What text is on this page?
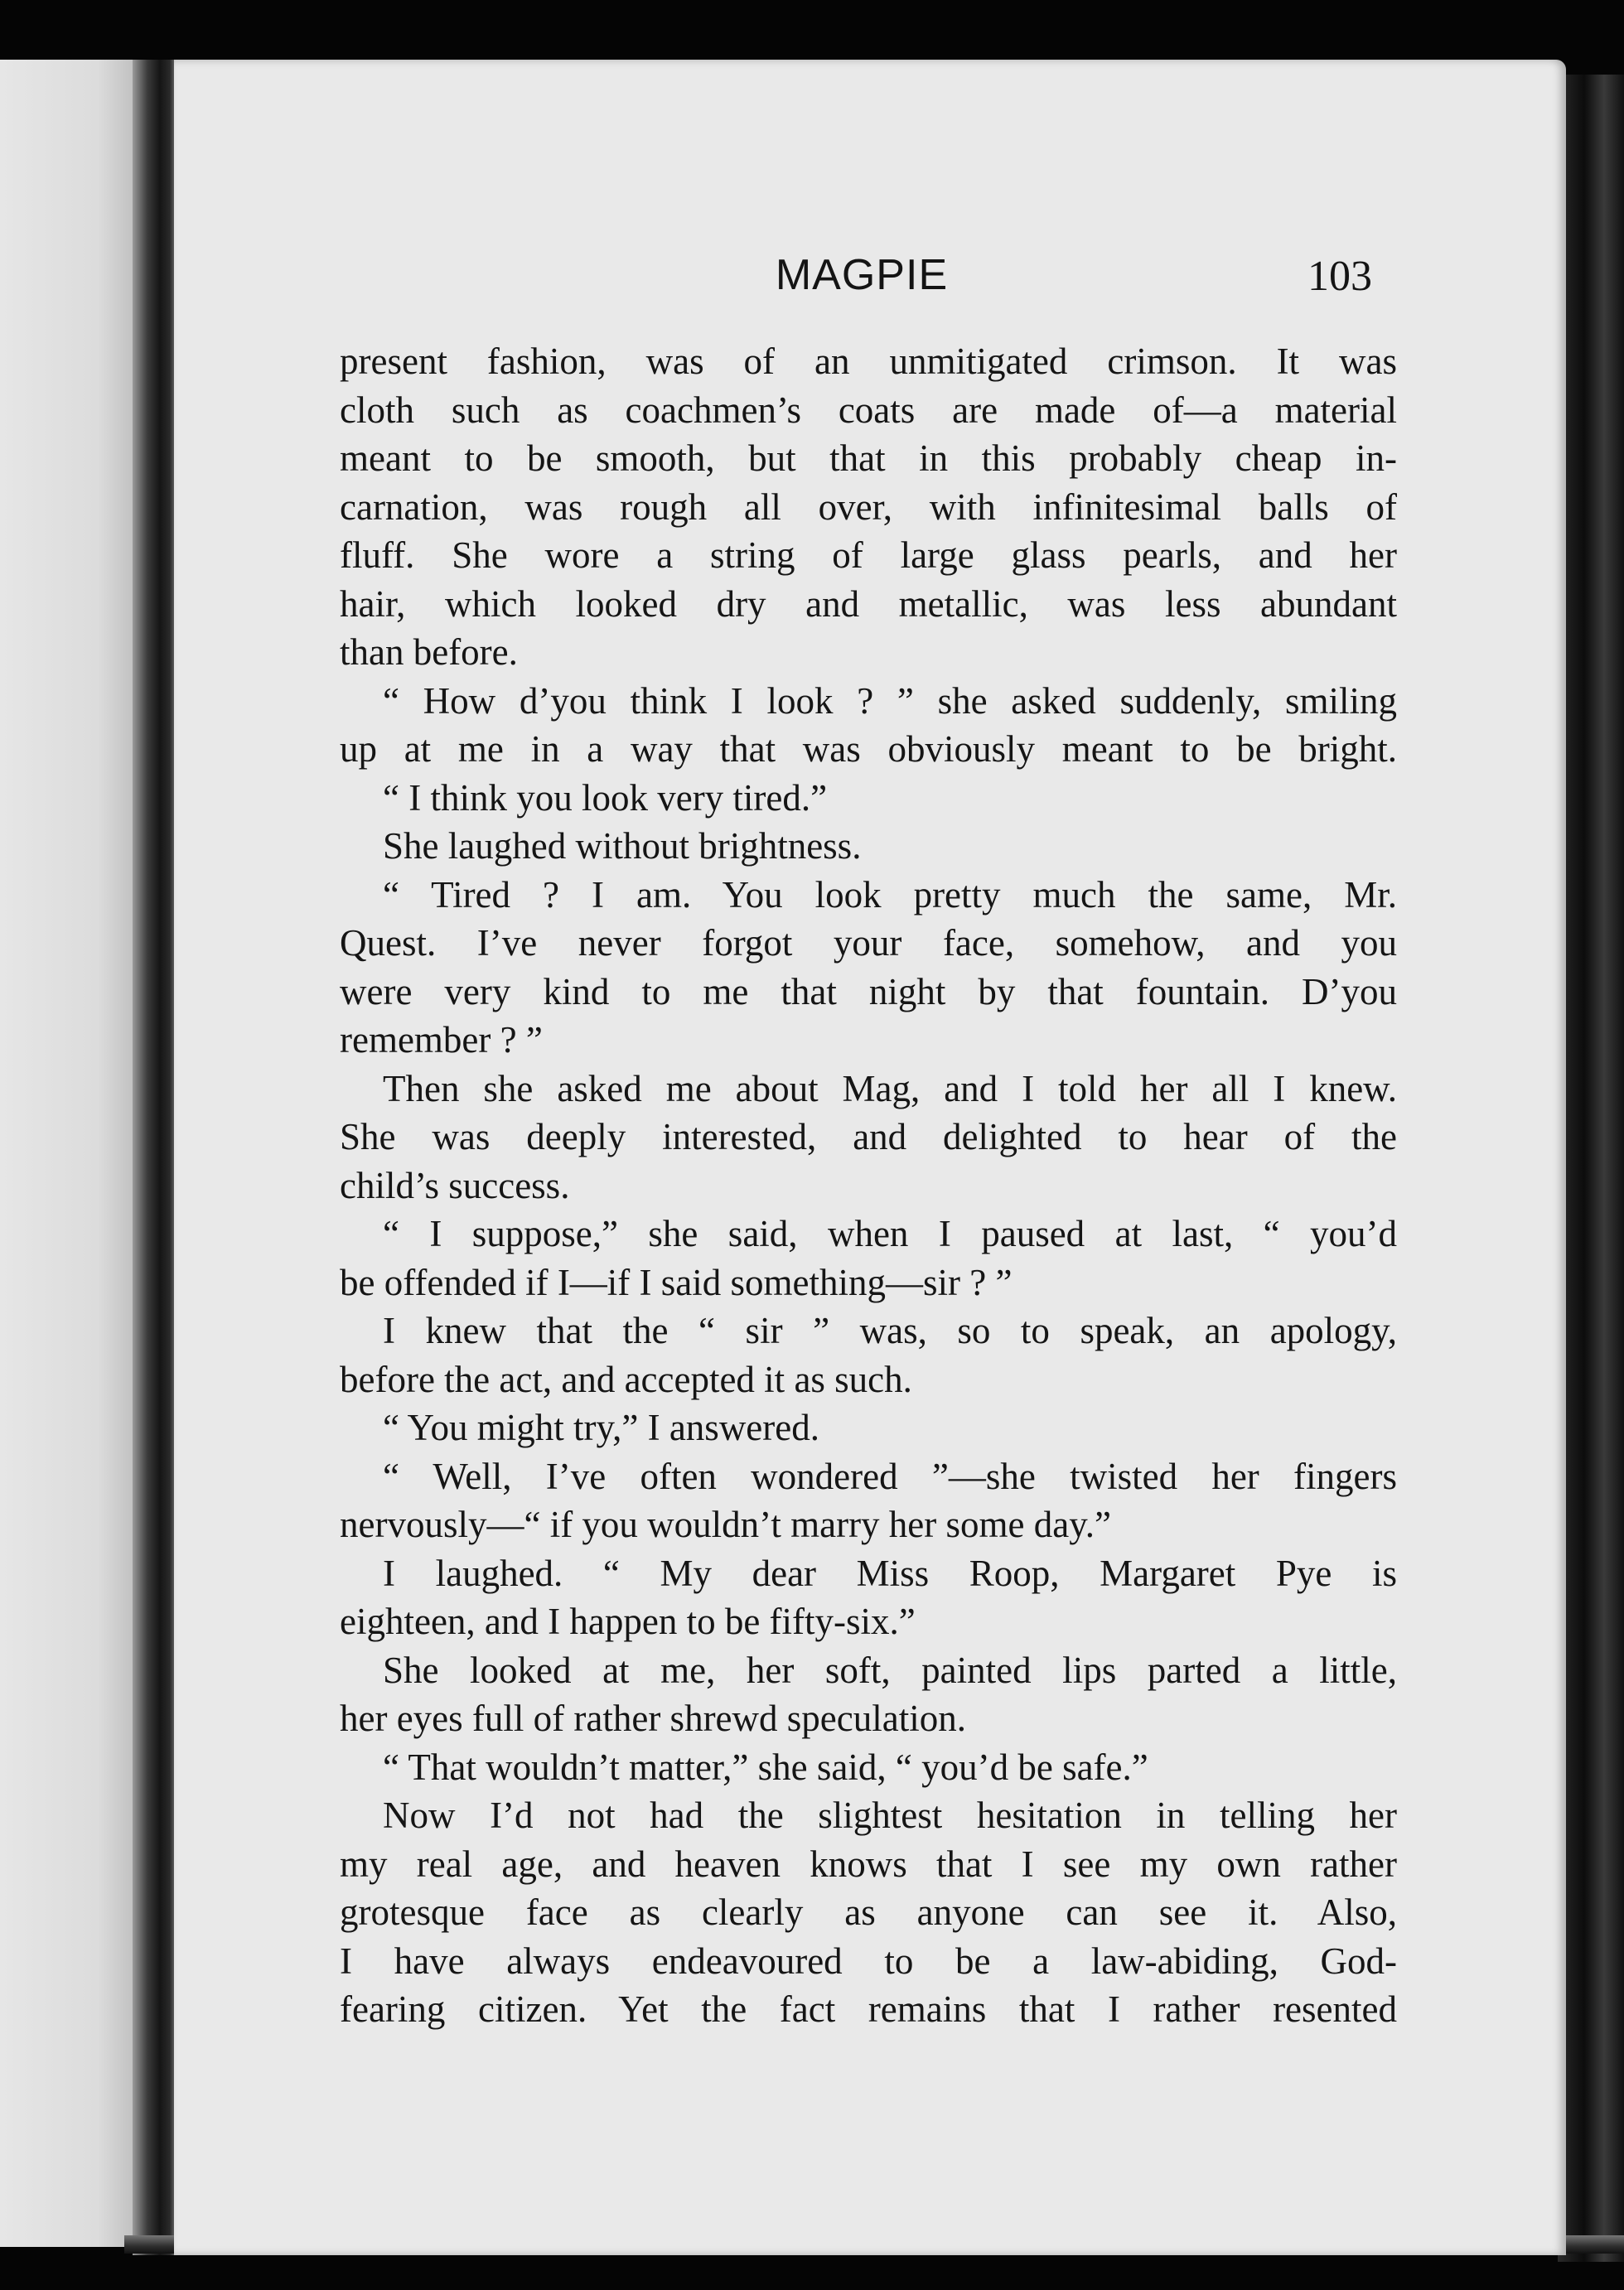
MAGPIE	103
present fashion, was of an unmitigated crimson. It was
cloth such as coachmen’s coats are made of—a material
meant to be smooth, but that in this probably cheap in-
carnation, was rough all over, with infinitesimal balls of
fluff. She wore a string of large glass pearls, and her
hair, which looked dry and metallic, was less abundant
than before.
“ How d’you think I look ? ” she asked suddenly, smiling
up at me in a way that was obviously meant to be bright.
“ I think you look very tired.”
She laughed without brightness.
“ Tired ? I am. You look pretty much the same, Mr.
Quest. I’ve never forgot your face, somehow, and you
were very kind to me that night by that fountain. D’you
remember ? ”
Then she asked me about Mag, and I told her all I knew.
She was deeply interested, and delighted to hear of the
child’s success.
“ I suppose,” she said, when I paused at last, “ you’d
be offended if I—if I said something—sir ? ”
I knew that the “ sir ” was, so to speak, an apology,
before the act, and accepted it as such.
“ You might try,” I answered.
“ Well, I’ve often wondered ”—she twisted her fingers
nervously—“ if you wouldn’t marry her some day.”
I laughed. “ My dear Miss Roop, Margaret Pye is
eighteen, and I happen to be fifty-six.”
She looked at me, her soft, painted lips parted a little,
her eyes full of rather shrewd speculation.
“ That wouldn’t matter,” she said, “ you’d be safe.”
Now I’d not had the slightest hesitation in telling her
my real age, and heaven knows that I see my own rather
grotesque face as clearly as anyone can see it. Also,
I have always endeavoured to be a law-abiding, God-
fearing citizen. Yet the fact remains that I rather resented
